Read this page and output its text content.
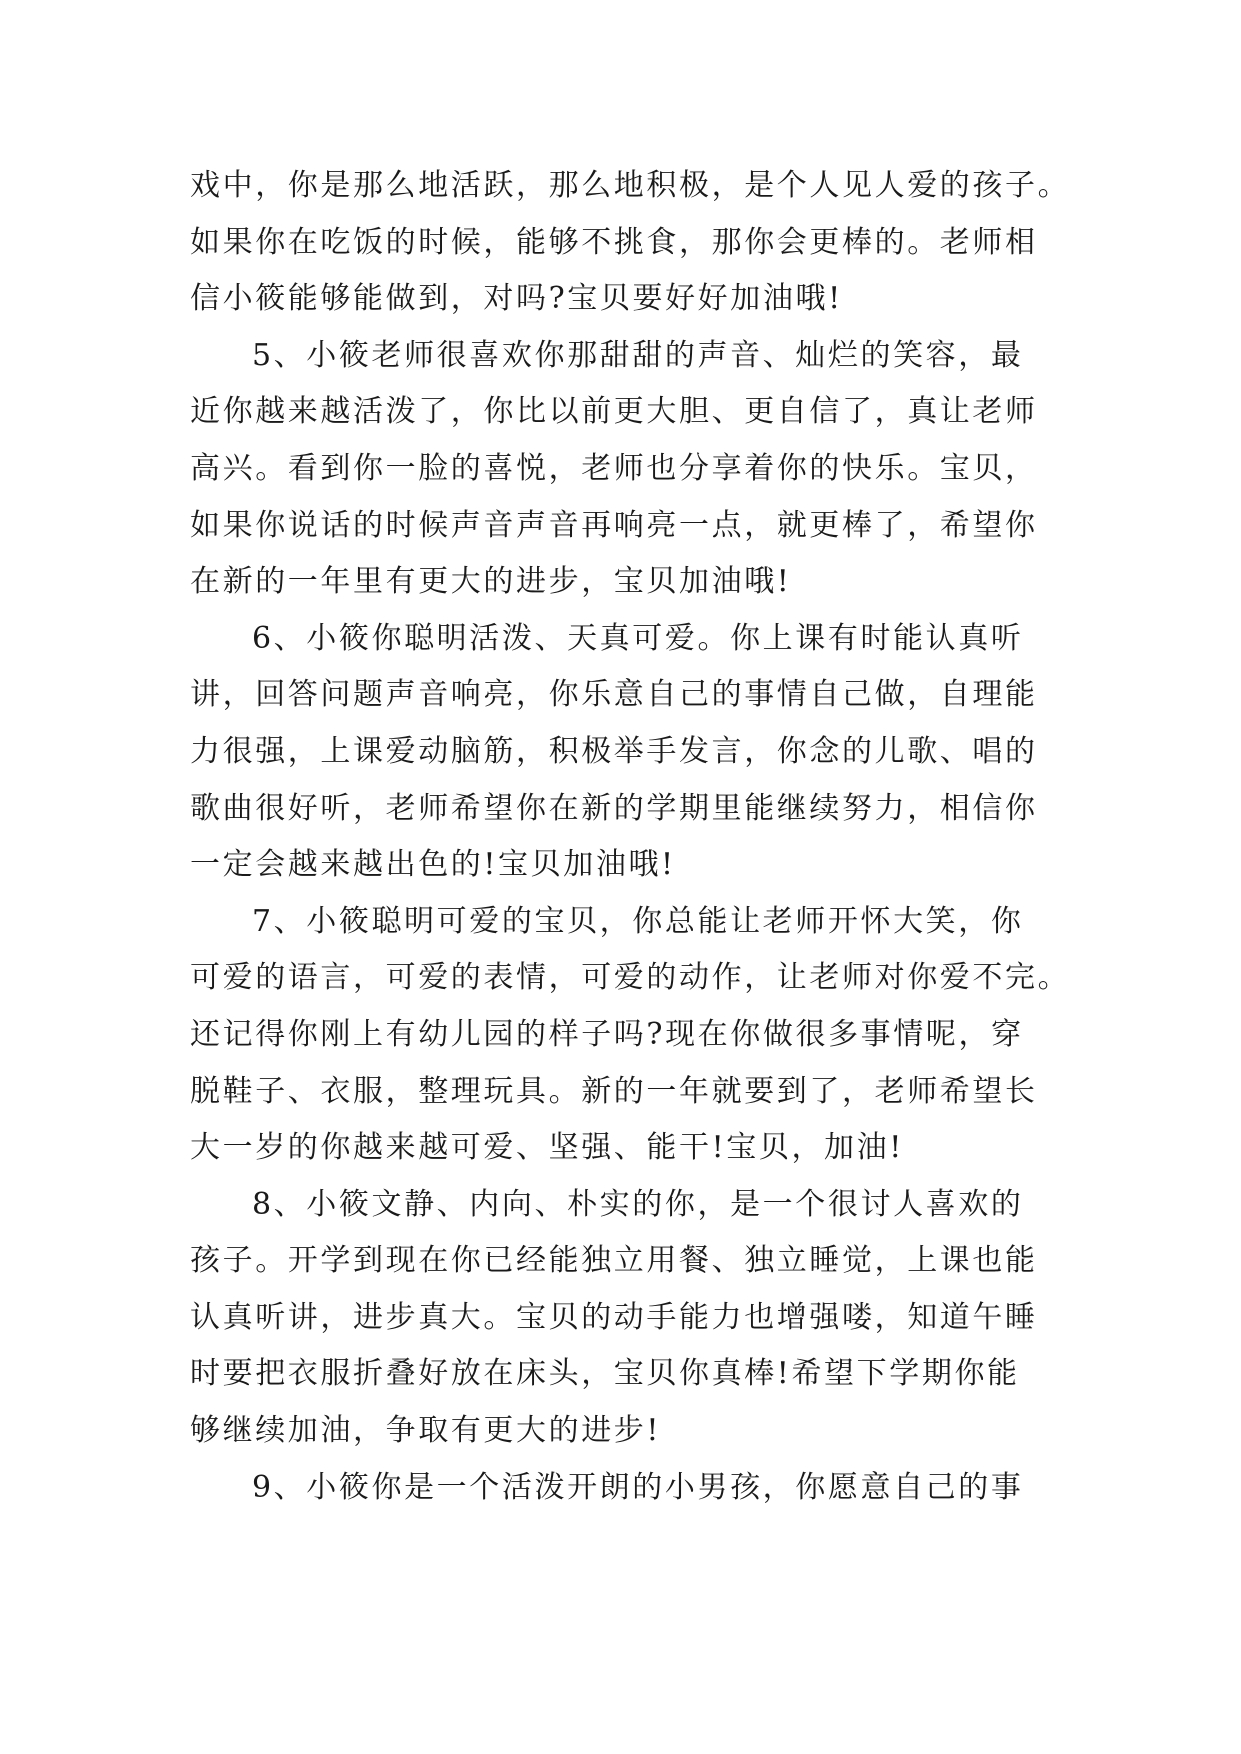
戏中，你是那么地活跃，那么地积极，是个人见人爱的孩子。
如果你在吃饭的时候，能够不挑食，那你会更棒的。老师相
信小筱能够能做到，对吗?宝贝要好好加油哦!
5、小筱老师很喜欢你那甜甜的声音、灿烂的笑容，最
近你越来越活泼了，你比以前更大胆、更自信了，真让老师
高兴。看到你一脸的喜悦，老师也分享着你的快乐。宝贝，
如果你说话的时候声音声音再响亮一点，就更棒了，希望你
在新的一年里有更大的进步，宝贝加油哦!
6、小筱你聪明活泼、天真可爱。你上课有时能认真听
讲，回答问题声音响亮，你乐意自己的事情自己做，自理能
力很强，上课爱动脑筋，积极举手发言，你念的儿歌、唱的
歌曲很好听，老师希望你在新的学期里能继续努力，相信你
一定会越来越出色的!宝贝加油哦!
7、小筱聪明可爱的宝贝，你总能让老师开怀大笑，你
可爱的语言，可爱的表情，可爱的动作，让老师对你爱不完。
还记得你刚上有幼儿园的样子吗?现在你做很多事情呢，穿
脱鞋子、衣服，整理玩具。新的一年就要到了，老师希望长
大一岁的你越来越可爱、坚强、能干!宝贝，加油!
8、小筱文静、内向、朴实的你，是一个很讨人喜欢的
孩子。开学到现在你已经能独立用餐、独立睡觉，上课也能
认真听讲，进步真大。宝贝的动手能力也增强喽，知道午睡
时要把衣服折叠好放在床头，宝贝你真棒!希望下学期你能
够继续加油，争取有更大的进步!
9、小筱你是一个活泼开朗的小男孩，你愿意自己的事
